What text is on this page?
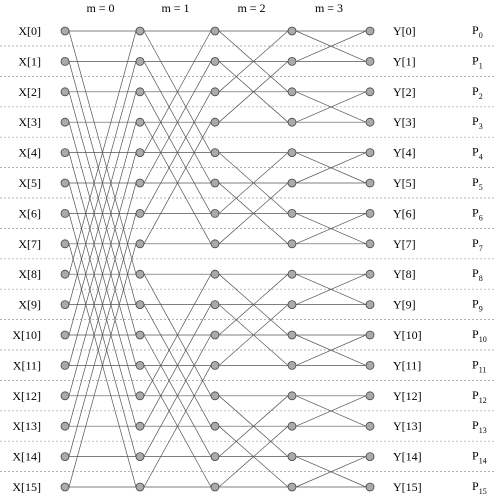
m = 0	m = 1	m = 2	m = 3
X[0]
X[1]
X[2]
X[3]
X[4]
X[5]
X[6]
X[7]
X[8]
X[9]
X[10]
X[11]
X[12]
X[13]
X[14]
X[15]
Y[0]
Y[1]
Y[2]
Y[3]
Y[4]
Y[5]
Y[6]
Y[7]
Y[8]
Y[9]
Y[10]
Y[11]
Y[12]
Y[13]
Y[14]
Y[15]
$P_0$
$P_1$
$P_2$
$P_3$
$P_4$
$P_5$
$P_6$
$P_7$
$P_8$
$P_9$
$P_{10}$
$P_{11}$
$P_{12}$
$P_{13}$
$P_{14}$
$P_{15}$
